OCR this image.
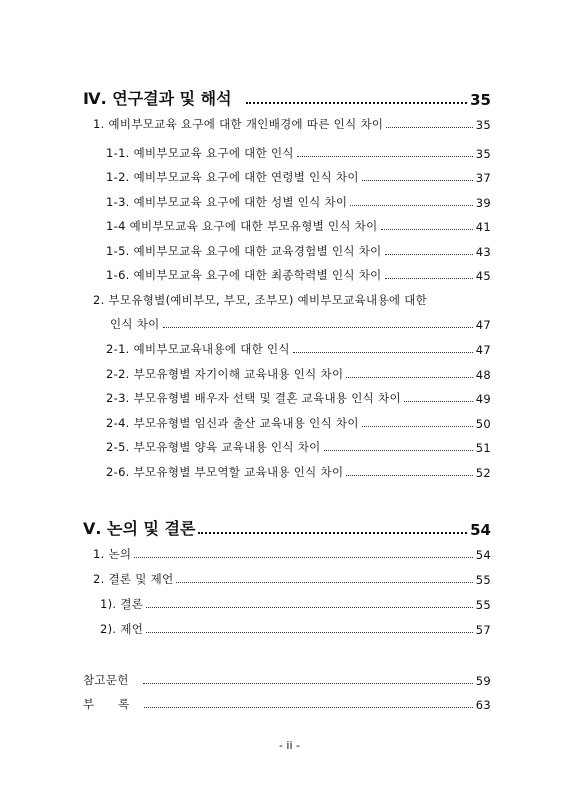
Ⅳ. 연구결과 및 해석	35
1. 예비부모교육 요구에 대한 개인배경에 따른 인식 차이	35
1-1. 예비부모교육 요구에 대한 인식	35
1-2. 예비부모교육 요구에 대한 연령별 인식 차이	37
1-3. 예비부모교육 요구에 대한 성별 인식 차이	39
1-4 예비부모교육 요구에 대한 부모유형별 인식 차이	41
1-5. 예비부모교육 요구에 대한 교육경험별 인식 차이	43
1-6. 예비부모교육 요구에 대한 최종학력별 인식 차이	45
2. 부모유형별(예비부모, 부모, 조부모) 예비부모교육내용에 대한
인식 차이	47
2-1. 예비부모교육내용에 대한 인식	47
2-2. 부모유형별 자기이해 교육내용 인식 차이	48
2-3. 부모유형별 배우자 선택 및 결혼 교육내용 인식 차이	49
2-4. 부모유형별 임신과 출산 교육내용 인식 차이	50
2-5. 부모유형별 양육 교육내용 인식 차이	51
2-6. 부모유형별 부모역할 교육내용 인식 차이	52
Ⅴ. 논의 및 결론	54
1. 논의	54
2. 결론 및 제언	55
1). 결론	55
2). 제언	57
참고문헌	59
부      록	63
- ii -
